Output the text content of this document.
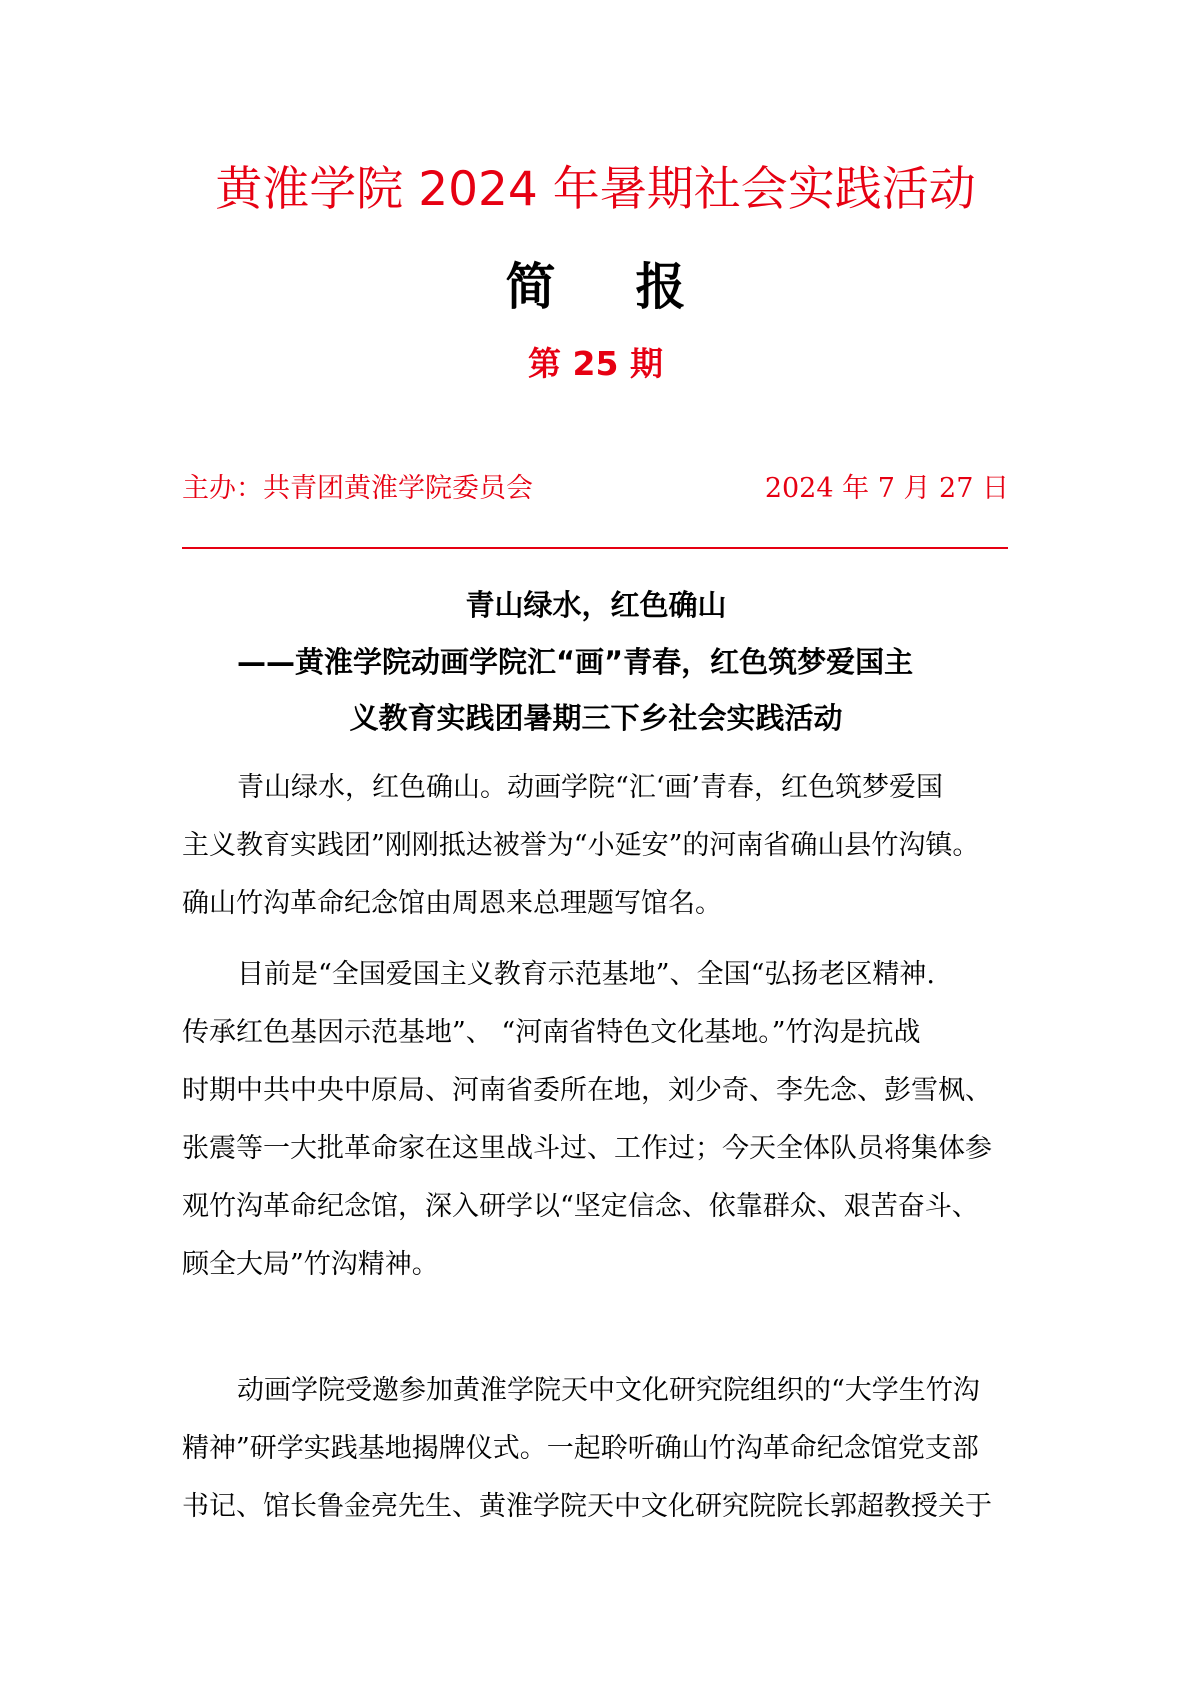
黄淮学院 2024 年暑期社会实践活动
简报
第 25 期
主办：共青团黄淮学院委员会	2024 年 7 月 27 日
青山绿水，红色确山
——黄淮学院动画学院汇“画”青春，红色筑梦爱国主
义教育实践团暑期三下乡社会实践活动
青山绿水，红色确山。动画学院“汇‘画’青春，红色筑梦爱国
主义教育实践团”刚刚抵达被誉为“小延安”的河南省确山县竹沟镇。
确山竹沟革命纪念馆由周恩来总理题写馆名。
目前是“全国爱国主义教育示范基地”、全国“弘扬老区精神.
传承红色基因示范基地”、 “河南省特色文化基地。”竹沟是抗战
时期中共中央中原局、河南省委所在地，刘少奇、李先念、彭雪枫、
张震等一大批革命家在这里战斗过、工作过；今天全体队员将集体参
观竹沟革命纪念馆，深入研学以“坚定信念、依靠群众、艰苦奋斗、
顾全大局”竹沟精神。
动画学院受邀参加黄淮学院天中文化研究院组织的“大学生竹沟
精神”研学实践基地揭牌仪式。一起聆听确山竹沟革命纪念馆党支部
书记、馆长鲁金亮先生、黄淮学院天中文化研究院院长郭超教授关于
